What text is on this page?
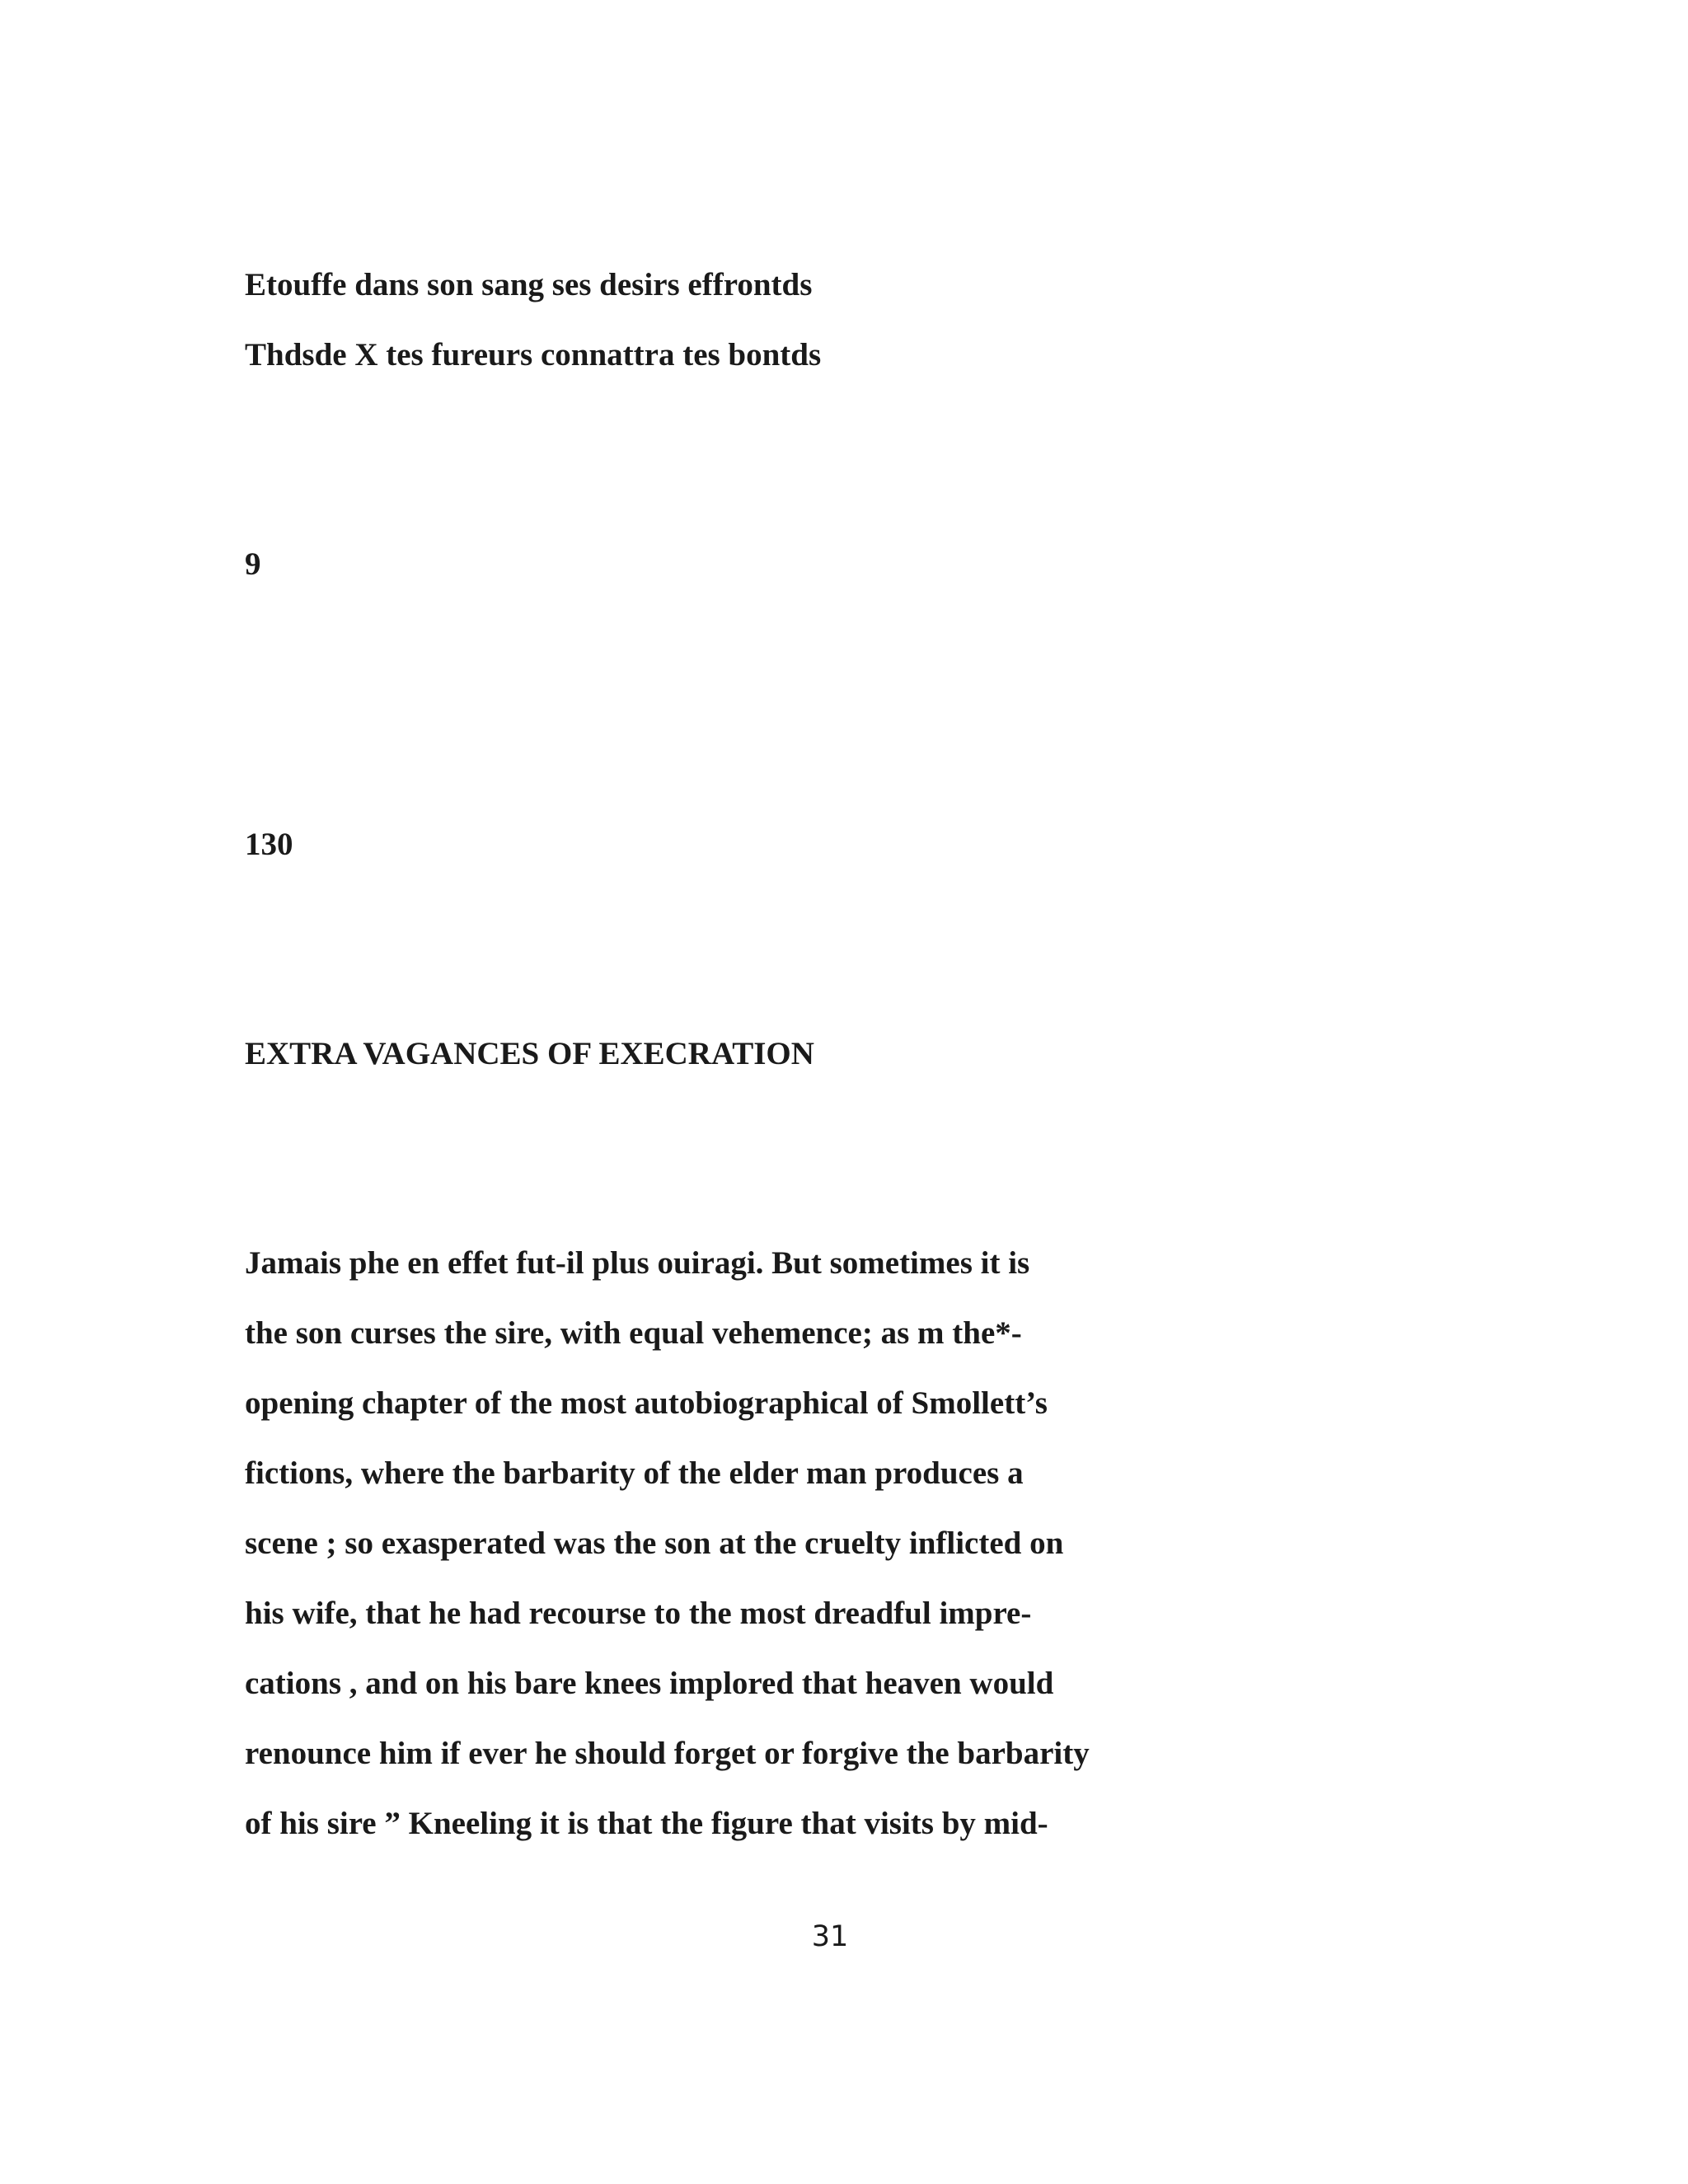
Etouffe dans son sang ses desirs effrontds

Thdsde X tes fureurs connattra tes bontds

9

130

EXTRA VAGANCES OF EXECRATION

Jamais phe en effet fut-il plus ouiragi. But sometimes it is

the son curses the sire, with equal vehemence; as m the*-

opening chapter of the most autobiographical of Smollett’s

fictions, where the barbarity of the elder man produces a

scene ; so exasperated was the son at the cruelty inflicted on

his wife, that he had recourse to the most dreadful impre-

cations , and on his bare knees implored that heaven would

renounce him if ever he should forget or forgive the barbarity

of his sire ” Kneeling it is that the figure that visits by mid-

31
